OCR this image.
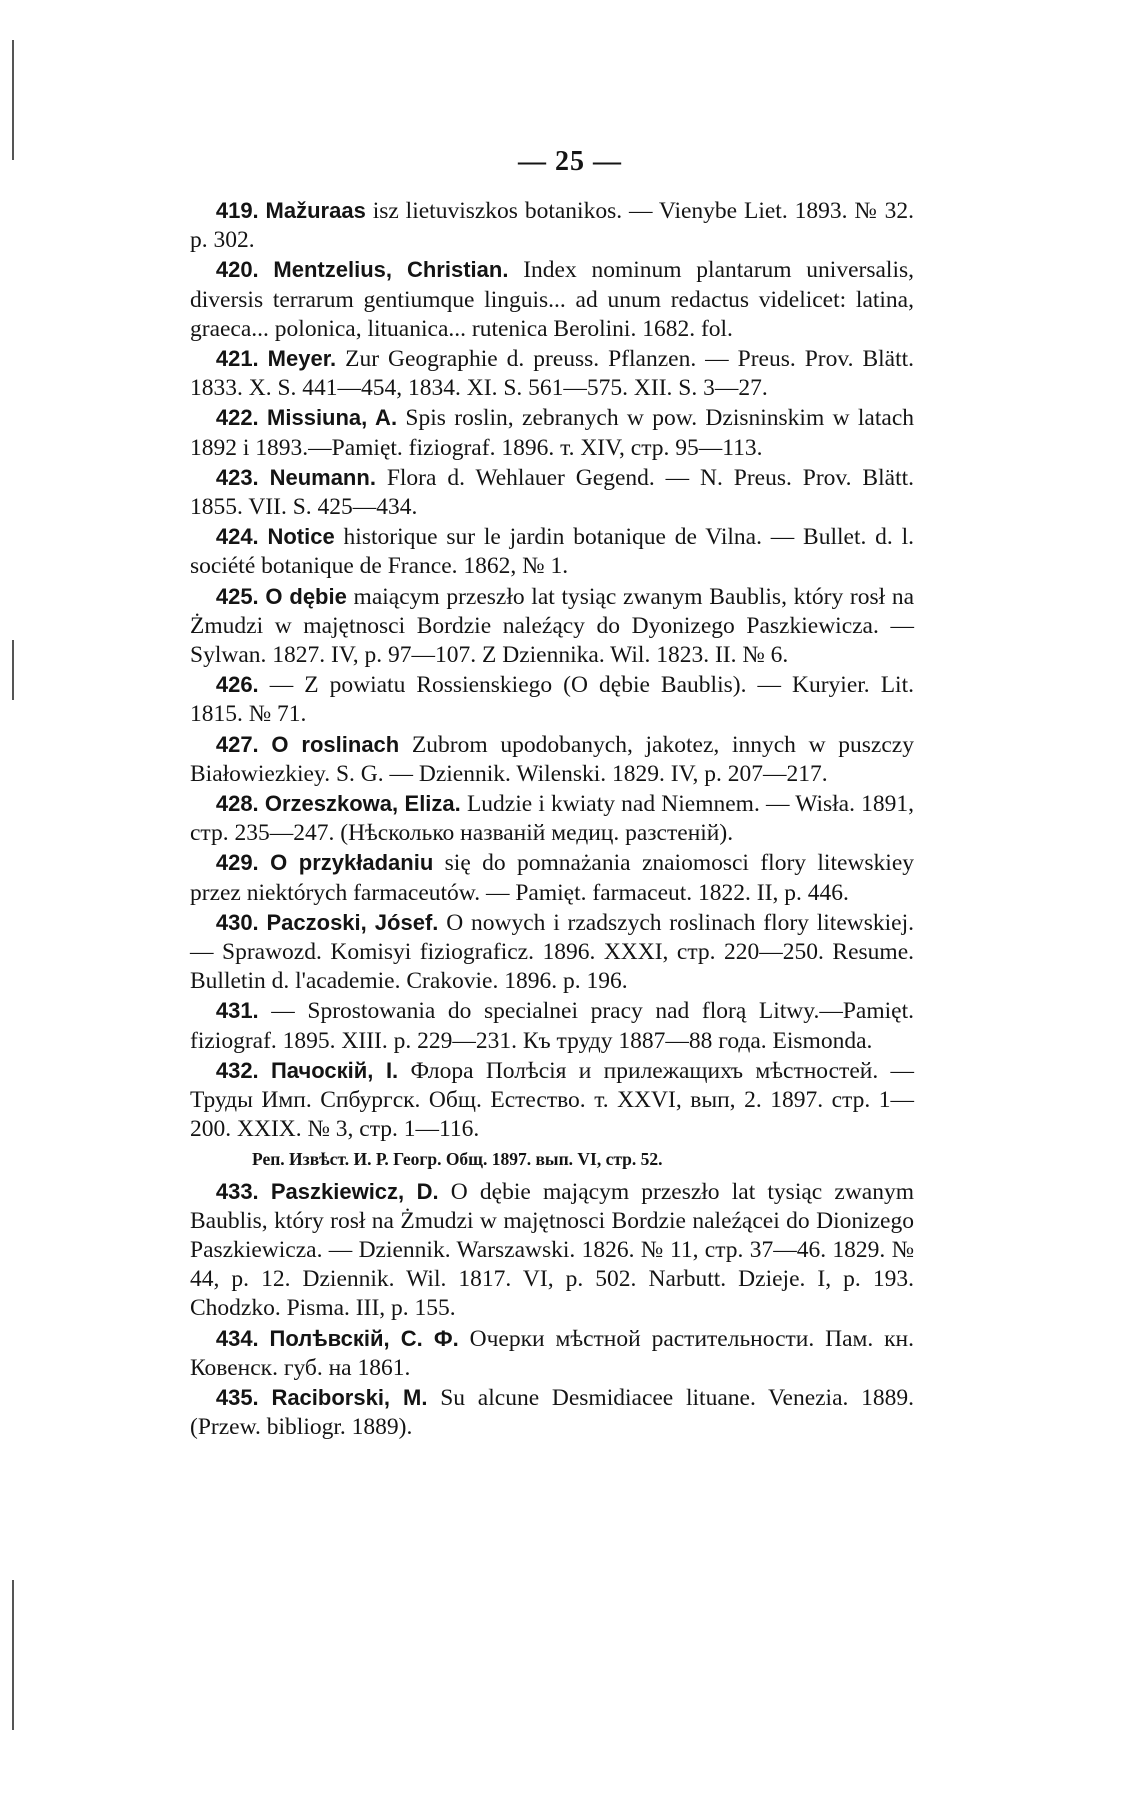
— 25 —

419. Mažuraas isz lietuviszkos botanikos. — Vienybe Liet. 1893. № 32. p. 302.

420. Mentzelius, Christian. Index nominum plantarum universalis, diversis terrarum gentiumque linguis... ad unum redactus videlicet: latina, graeca... polonica, lituanica... rutenica Berolini. 1682. fol.

421. Meyer. Zur Geographie d. preuss. Pflanzen. — Preus. Prov. Blätt. 1833. X. S. 441—454, 1834. XI. S. 561—575. XII. S. 3—27.

422. Missiuna, A. Spis roslin, zebranych w pow. Dzisninskim w latach 1892 i 1893.—Pamięt. fiziograf. 1896. т. XIV, стр. 95—113.

423. Neumann. Flora d. Wehlauer Gegend. — N. Preus. Prov. Blätt. 1855. VII. S. 425—434.

424. Notice historique sur le jardin botanique de Vilna. — Bullet. d. l. société botanique de France. 1862, № 1.

425. O dębie maiącym przeszło lat tysiąc zwanym Baublis, który rosł na Żmudzi w majętnosci Bordzie naleźący do Dyonizego Paszkiewicza. — Sylwan. 1827. IV, p. 97—107. Z Dziennika. Wil. 1823. II. № 6.

426. — Z powiatu Rossienskiego (O dębie Baublis). — Kuryier. Lit. 1815. № 71.

427. O roslinach Zubrom upodobanych, jakotez, innych w puszczy Białowiezkiey. S. G. — Dziennik. Wilenski. 1829. IV, p. 207—217.

428. Orzeszkowa, Eliza. Ludzie i kwiaty nad Niemnem. — Wisła. 1891, стр. 235—247. (Нѣсколько названій медиц. разстеній).

429. O przykładaniu się do pomnażania znaiomosci flory litewskiey przez niektórych farmaceutów. — Pamięt. farmaceut. 1822. II, p. 446.

430. Paczoski, Jósef. O nowych i rzadszych roslinach flory litewskiej. — Sprawozd. Komisyi fiziograficz. 1896. XXXI, стр. 220—250. Resume. Bulletin d. l'academie. Crakovie. 1896. p. 196.

431. — Sprostowania do specialnei pracy nad florą Litwy.—Pamięt. fiziograf. 1895. XIII. p. 229—231. Къ труду 1887—88 года. Eismonda.

432. Пачоскій, I. Флора Полѣсія и прилежащихъ мѣстностей. — Труды Имп. Спбургск. Общ. Естество. т. XXVI, вып, 2. 1897. стр. 1—200. XXIX. № 3, стр. 1—116.

Реп. Извѣст. И. Р. Геогр. Общ. 1897. вып. VI, стр. 52.

433. Paszkiewicz, D. O dębie mającym przeszło lat tysiąc zwanym Baublis, który rosł na Żmudzi w majętnosci Bordzie naleźącei do Dionizego Paszkiewicza. — Dziennik. Warszawski. 1826. № 11, стр. 37—46. 1829. № 44, p. 12. Dziennik. Wil. 1817. VI, p. 502. Narbutt. Dzieje. I, p. 193. Chodzko. Pisma. III, p. 155.

434. Полѣвскій, С. Ф. Очерки мѣстной растительности. Пам. кн. Ковенск. губ. на 1861.

435. Raciborski, M. Su alcune Desmidiacee lituane. Venezia. 1889. (Przew. bibliogr. 1889).
